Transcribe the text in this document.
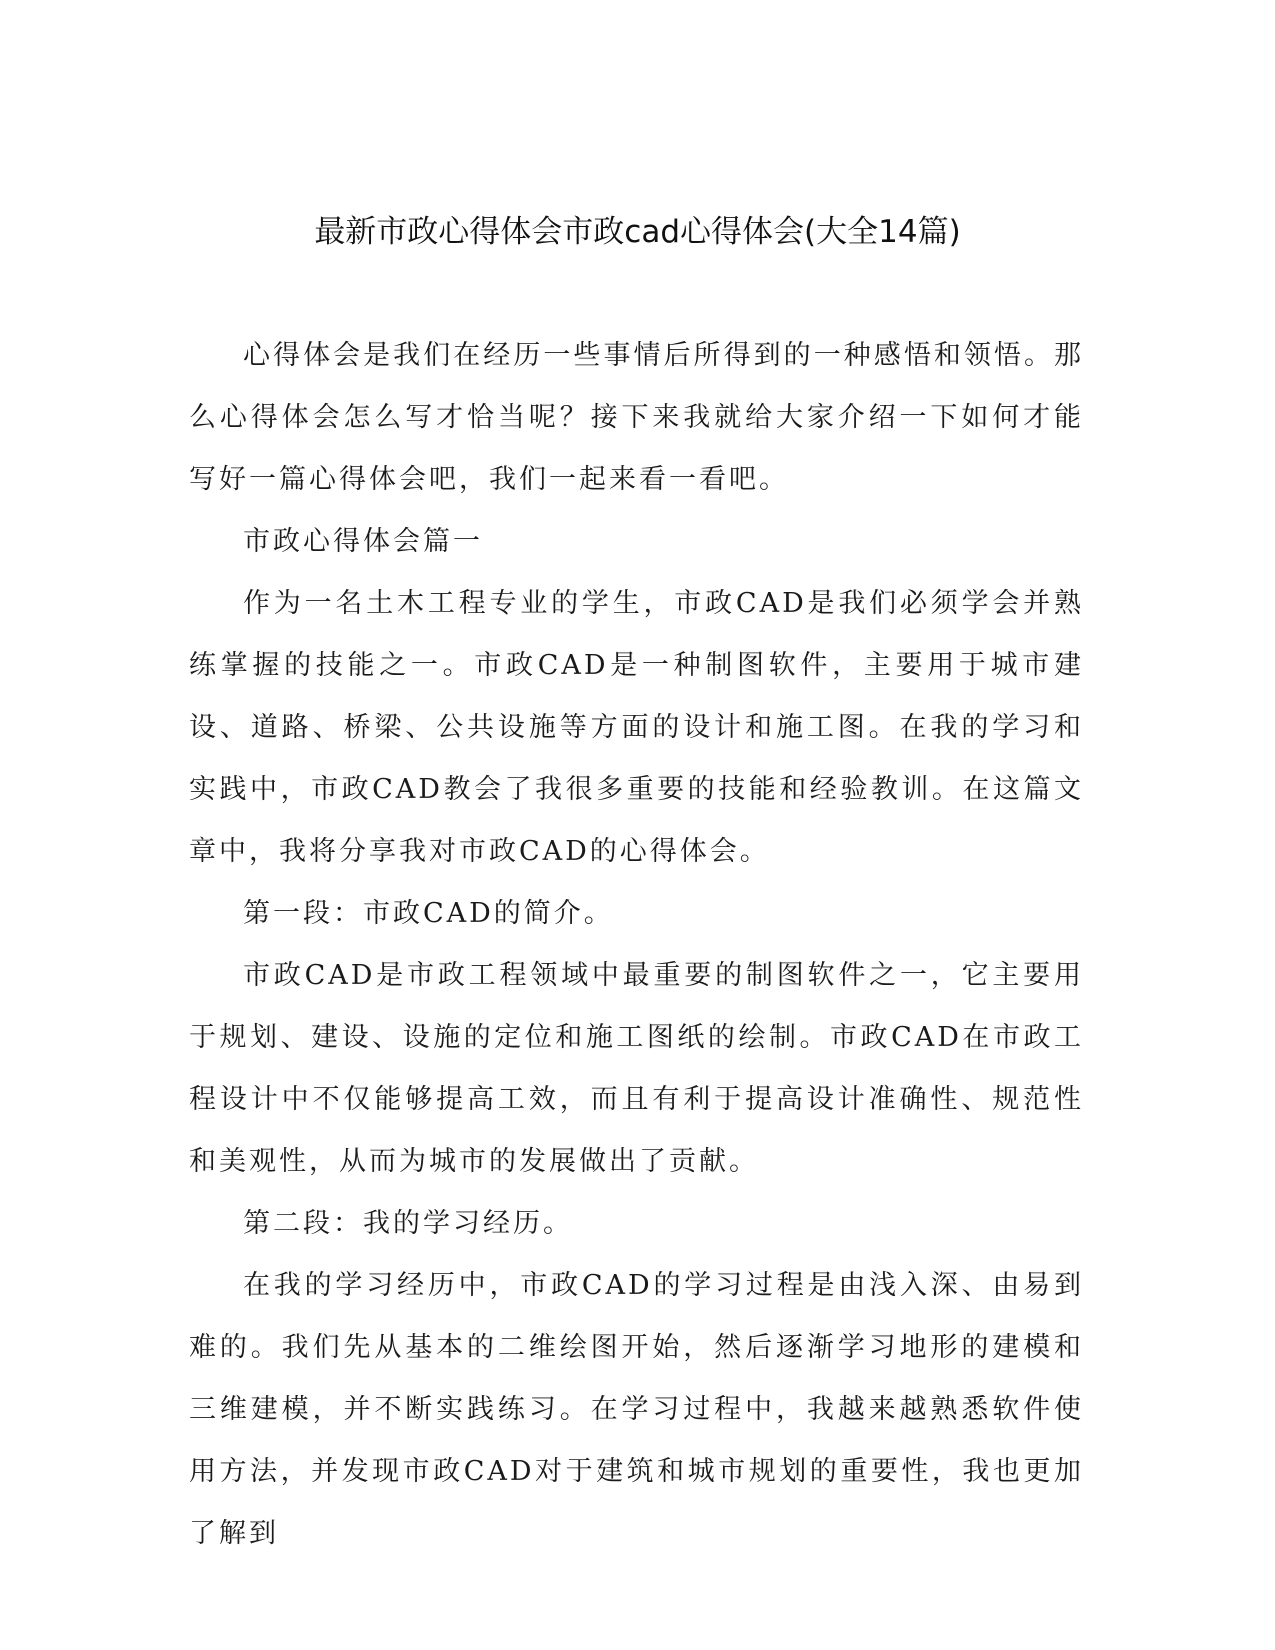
最新市政心得体会市政cad心得体会(大全14篇)

心得体会是我们在经历一些事情后所得到的一种感悟和领悟。那么心得体会怎么写才恰当呢？接下来我就给大家介绍一下如何才能写好一篇心得体会吧，我们一起来看一看吧。

市政心得体会篇一

作为一名土木工程专业的学生，市政CAD是我们必须学会并熟练掌握的技能之一。市政CAD是一种制图软件，主要用于城市建设、道路、桥梁、公共设施等方面的设计和施工图。在我的学习和实践中，市政CAD教会了我很多重要的技能和经验教训。在这篇文章中，我将分享我对市政CAD的心得体会。

第一段：市政CAD的简介。

市政CAD是市政工程领域中最重要的制图软件之一，它主要用于规划、建设、设施的定位和施工图纸的绘制。市政CAD在市政工程设计中不仅能够提高工效，而且有利于提高设计准确性、规范性和美观性，从而为城市的发展做出了贡献。

第二段：我的学习经历。

在我的学习经历中，市政CAD的学习过程是由浅入深、由易到难的。我们先从基本的二维绘图开始，然后逐渐学习地形的建模和三维建模，并不断实践练习。在学习过程中，我越来越熟悉软件使用方法，并发现市政CAD对于建筑和城市规划的重要性，我也更加了解到
